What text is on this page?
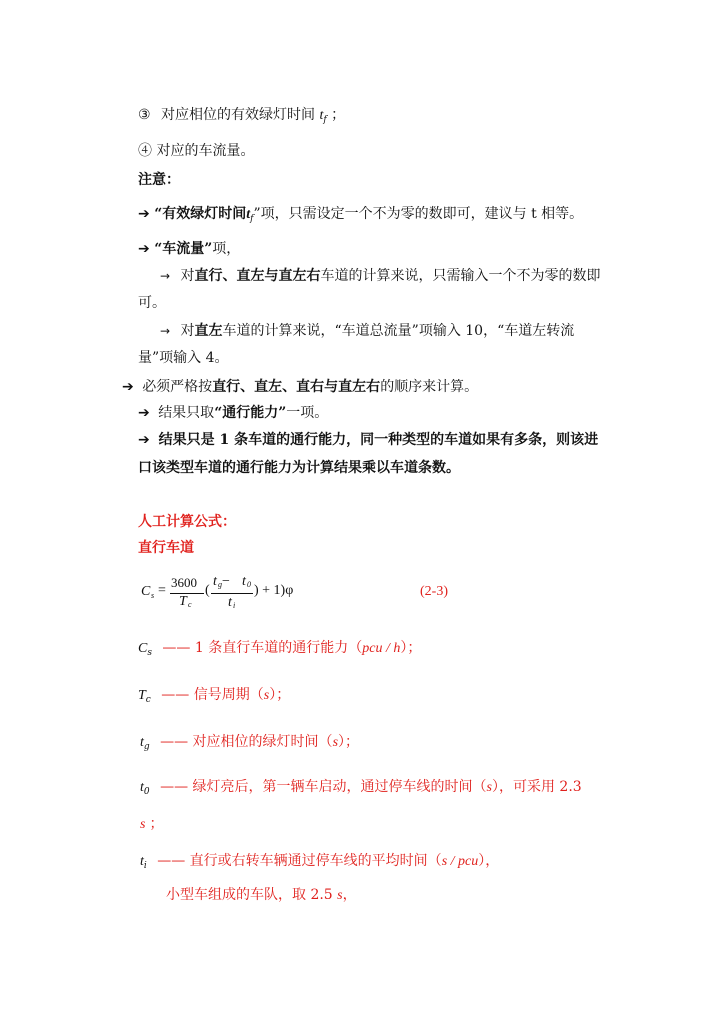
③ 对应相位的有效绿灯时间 $t_f$ ；
④ 对应的车流量。
注意：
➔ “有效绿灯时间$t_f$”项，只需设定一个不为零的数即可，建议与 t 相等。
➔ “车流量”项，
→ 对直行、直左与直左右车道的计算来说，只需输入一个不为零的数即
可。
→ 对直左车道的计算来说，“车道总流量”项输入 10，“车道左转流
量”项输入 4。
➔ 必须严格按直行、直左、直右与直左右的顺序来计算。
➔ 结果只取“通行能力”一项。
➔ 结果只是 1 条车道的通行能力，同一种类型的车道如果有多条，则该进
口该类型车道的通行能力为计算结果乘以车道条数。
人工计算公式：
直行车道
C s =
3600
T c
(
t g − t 0
t i
) + 1)φ	(2-3)
$C_s$ —— 1 条直行车道的通行能力（pcu / h）；
$T_c$ —— 信号周期（s）；
$t_g$ —— 对应相位的绿灯时间（s）；
$t_0$ —— 绿灯亮后，第一辆车启动，通过停车线的时间（s），可采用 2.3
s ；
$t_i$ —— 直行或右转车辆通过停车线的平均时间（s / pcu），
小型车组成的车队，取 2.5 s，
